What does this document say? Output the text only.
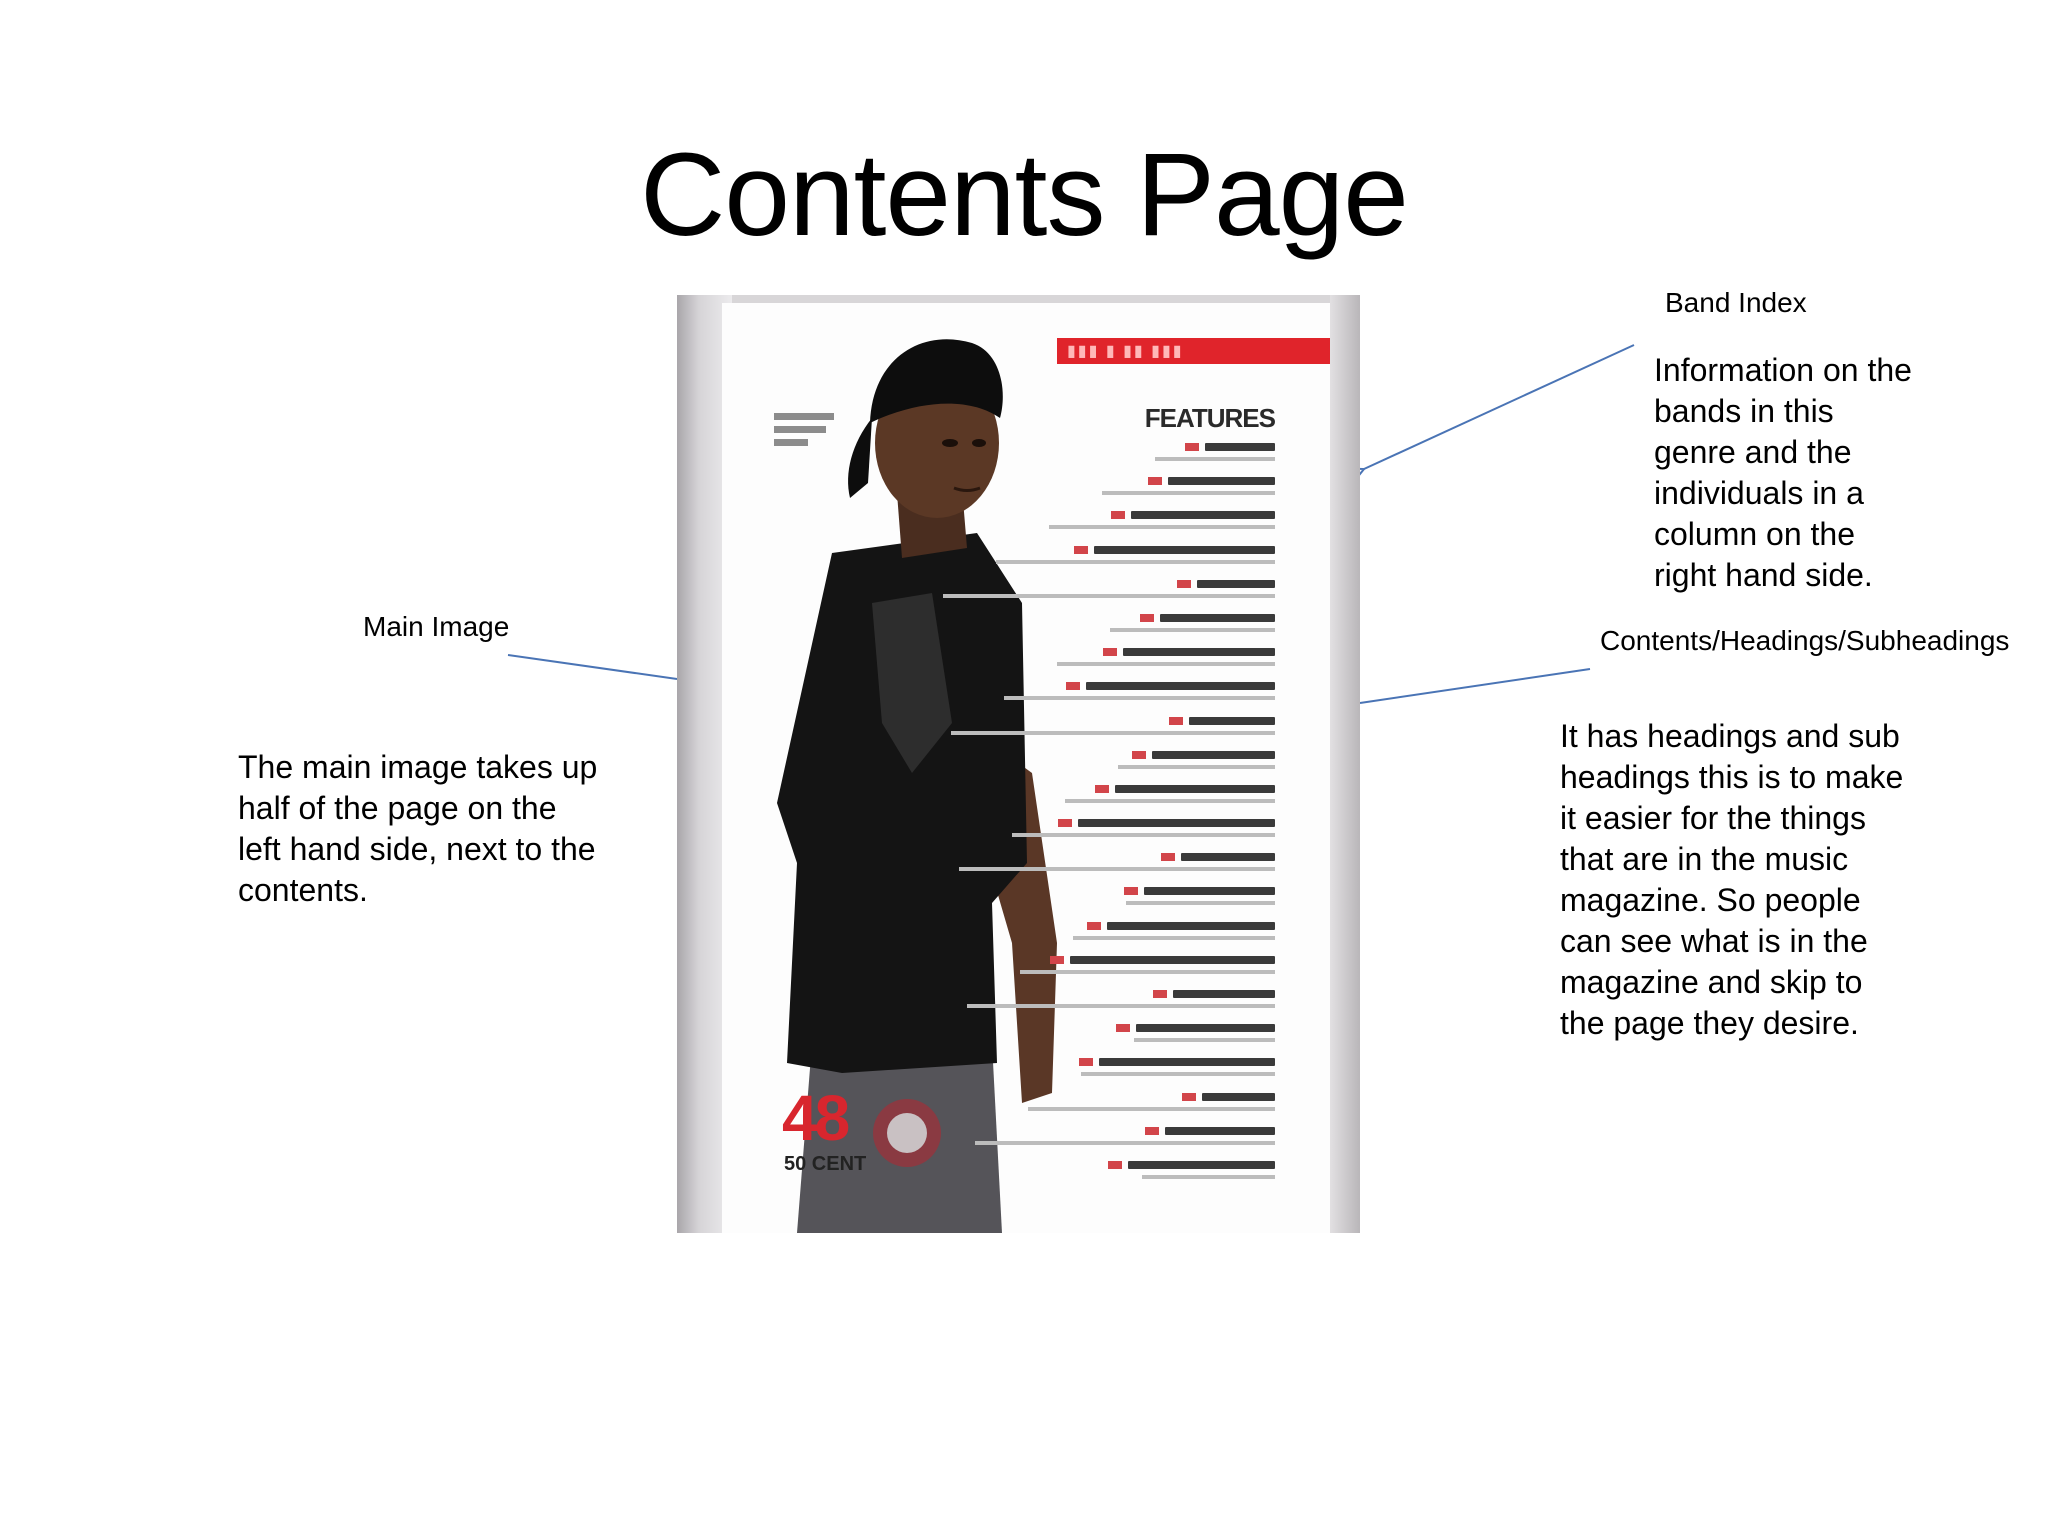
Contents Page
48
50 CENT
▮▮▮ ▮ ▮▮ ▮▮▮
FEATURES
Band Index
Information on the bands in this genre and the individuals in a column on the right hand side.
Main Image
The main image takes up half of the page on the left hand side, next to the contents.
Contents/Headings/Subheadings
It has headings and sub headings this is to make it easier for the things that are in the music magazine. So people can see what is in the magazine and skip to the page they desire.
